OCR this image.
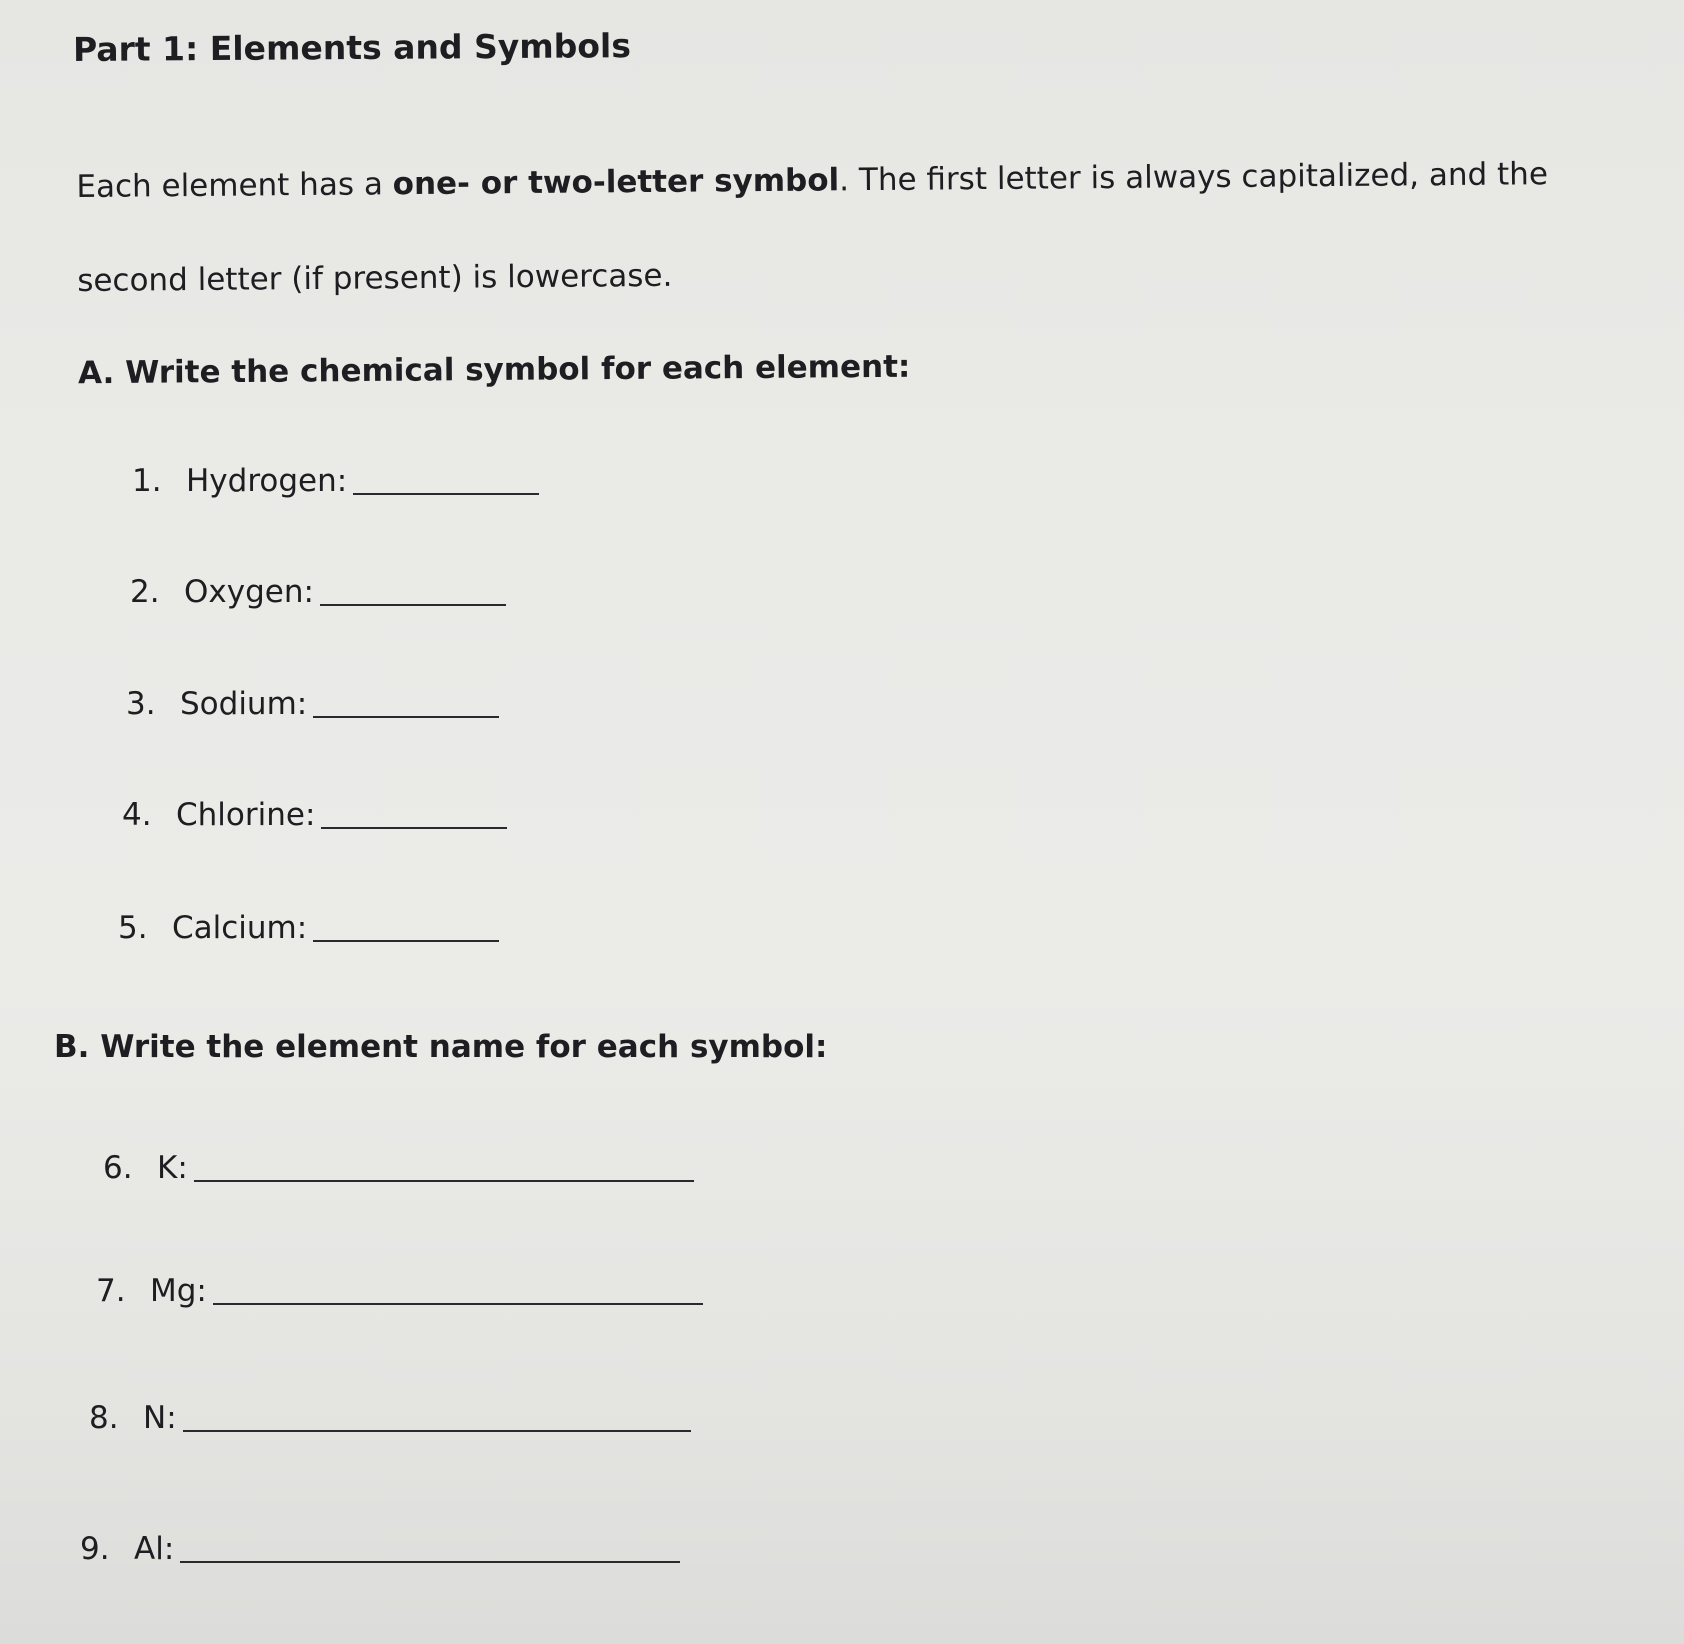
Part 1: Elements and Symbols

Each element has a one- or two-letter symbol. The first letter is always capitalized, and the second letter (if present) is lowercase.

A. Write the chemical symbol for each element:
1. Hydrogen:
2. Oxygen:
3. Sodium:
4. Chlorine:
5. Calcium:
B. Write the element name for each symbol:
6. K:
7. Mg:
8. N:
9. Al:
